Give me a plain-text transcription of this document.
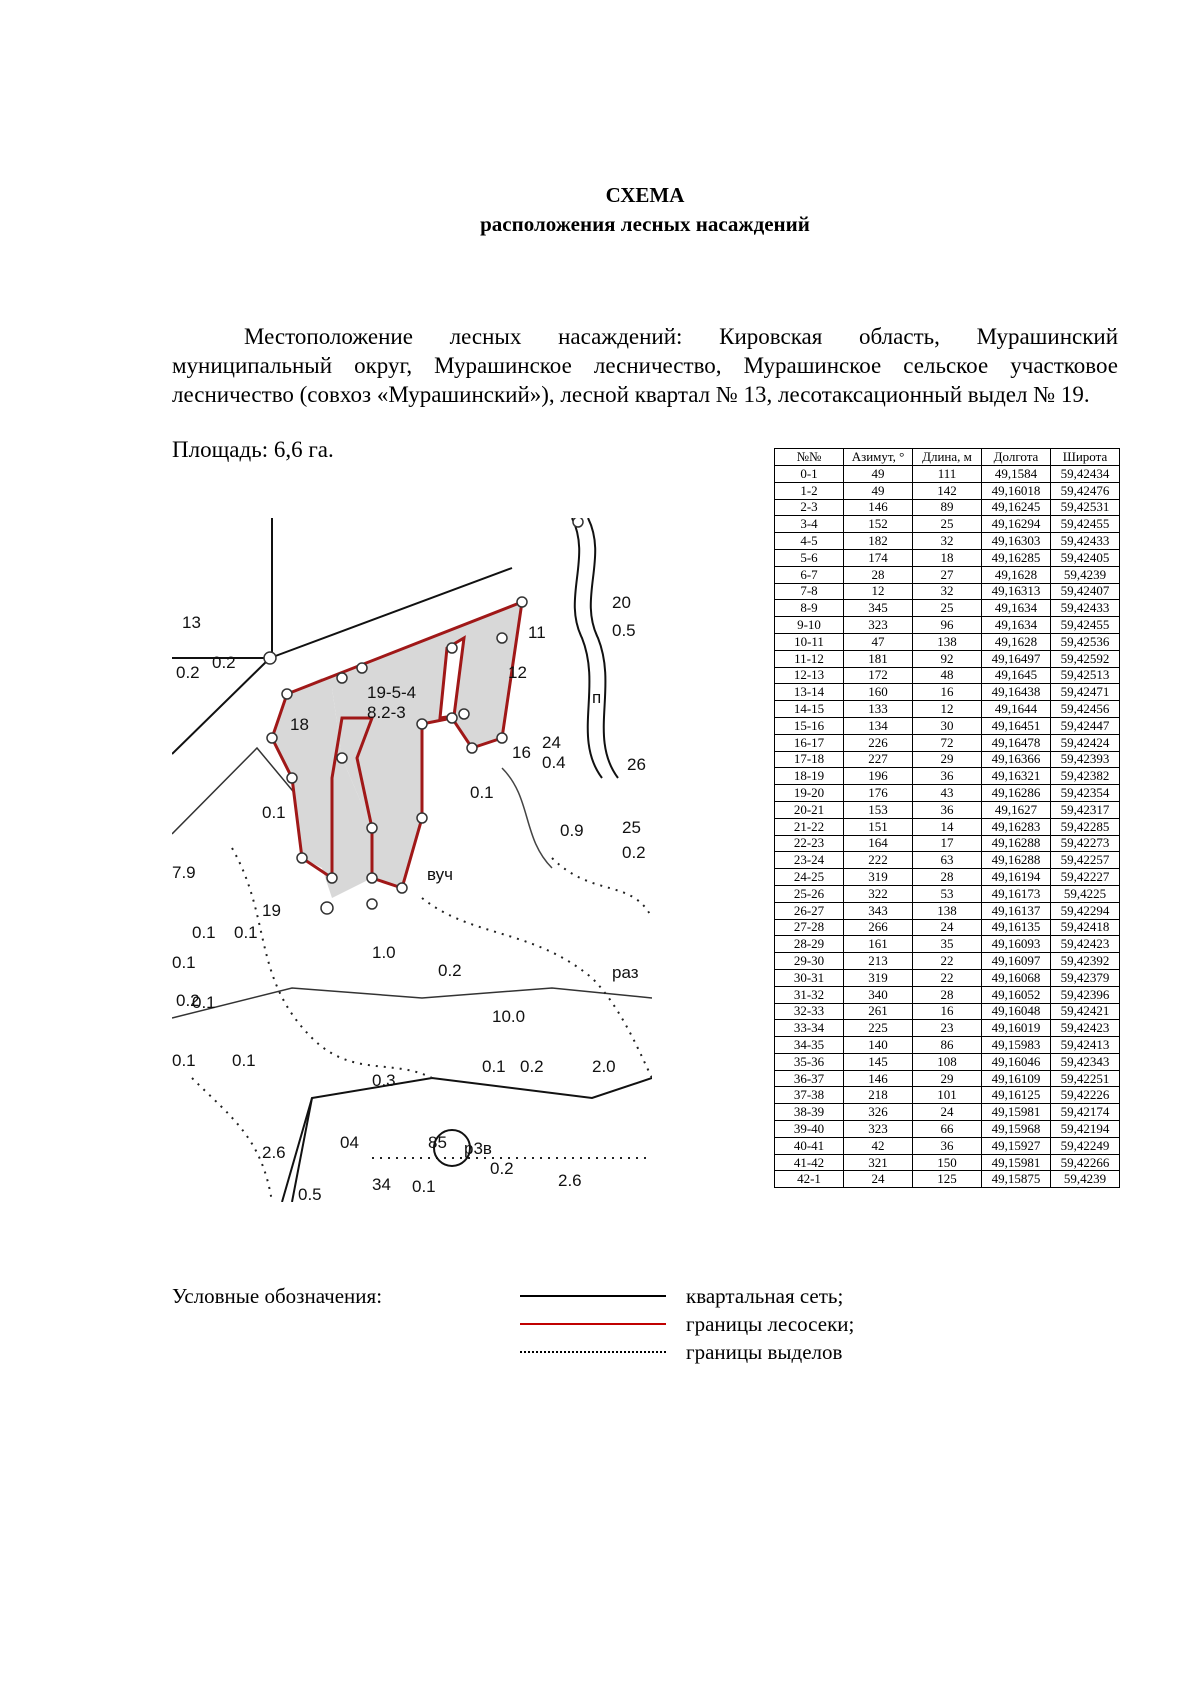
СХЕМА
расположения лесных насаждений
Местоположение лесных насаждений: Кировская область, Мурашинский муниципальный округ, Мурашинское лесничество, Мурашинское сельское участковое лесничество (совхоз «Мурашинский»), лесной квартал № 13, лесотаксационный выдел № 19.
Площадь: 6,6 га.
13
0.2
0.2
18
19-5-4
8.2-3
20
0.5
24
0.4
п
0.1
25
0.2
7.9
0.1 0.1
0.9
вуч
19
0.1
0.1
1.0
0.2	раз
0.2
10.0
0.1 0.1
0.3
0.2	2.0
0.1
2.6
04	85 р3в
0.2
2.6
34 0.1
0.5
12
16
11
26
0.1
№№	Азимут, °	Длина, м	Долгота	Широта
0-1	49	111	49,1584	59,42434
1-2	49	142	49,16018	59,42476
2-3	146	89	49,16245	59,42531
3-4	152	25	49,16294	59,42455
4-5	182	32	49,16303	59,42433
5-6	174	18	49,16285	59,42405
6-7	28	27	49,1628	59,4239
7-8	12	32	49,16313	59,42407
8-9	345	25	49,1634	59,42433
9-10	323	96	49,1634	59,42455
10-11	47	138	49,1628	59,42536
11-12	181	92	49,16497	59,42592
12-13	172	48	49,1645	59,42513
13-14	160	16	49,16438	59,42471
14-15	133	12	49,1644	59,42456
15-16	134	30	49,16451	59,42447
16-17	226	72	49,16478	59,42424
17-18	227	29	49,16366	59,42393
18-19	196	36	49,16321	59,42382
19-20	176	43	49,16286	59,42354
20-21	153	36	49,1627	59,42317
21-22	151	14	49,16283	59,42285
22-23	164	17	49,16288	59,42273
23-24	222	63	49,16288	59,42257
24-25	319	28	49,16194	59,42227
25-26	322	53	49,16173	59,4225
26-27	343	138	49,16137	59,42294
27-28	266	24	49,16135	59,42418
28-29	161	35	49,16093	59,42423
29-30	213	22	49,16097	59,42392
30-31	319	22	49,16068	59,42379
31-32	340	28	49,16052	59,42396
32-33	261	16	49,16048	59,42421
33-34	225	23	49,16019	59,42423
34-35	140	86	49,15983	59,42413
35-36	145	108	49,16046	59,42343
36-37	146	29	49,16109	59,42251
37-38	218	101	49,16125	59,42226
38-39	326	24	49,15981	59,42174
39-40	323	66	49,15968	59,42194
40-41	42	36	49,15927	59,42249
41-42	321	150	49,15981	59,42266
42-1	24	125	49,15875	59,4239
Условные обозначения:	квартальная сеть;
границы лесосеки;
границы выделов
